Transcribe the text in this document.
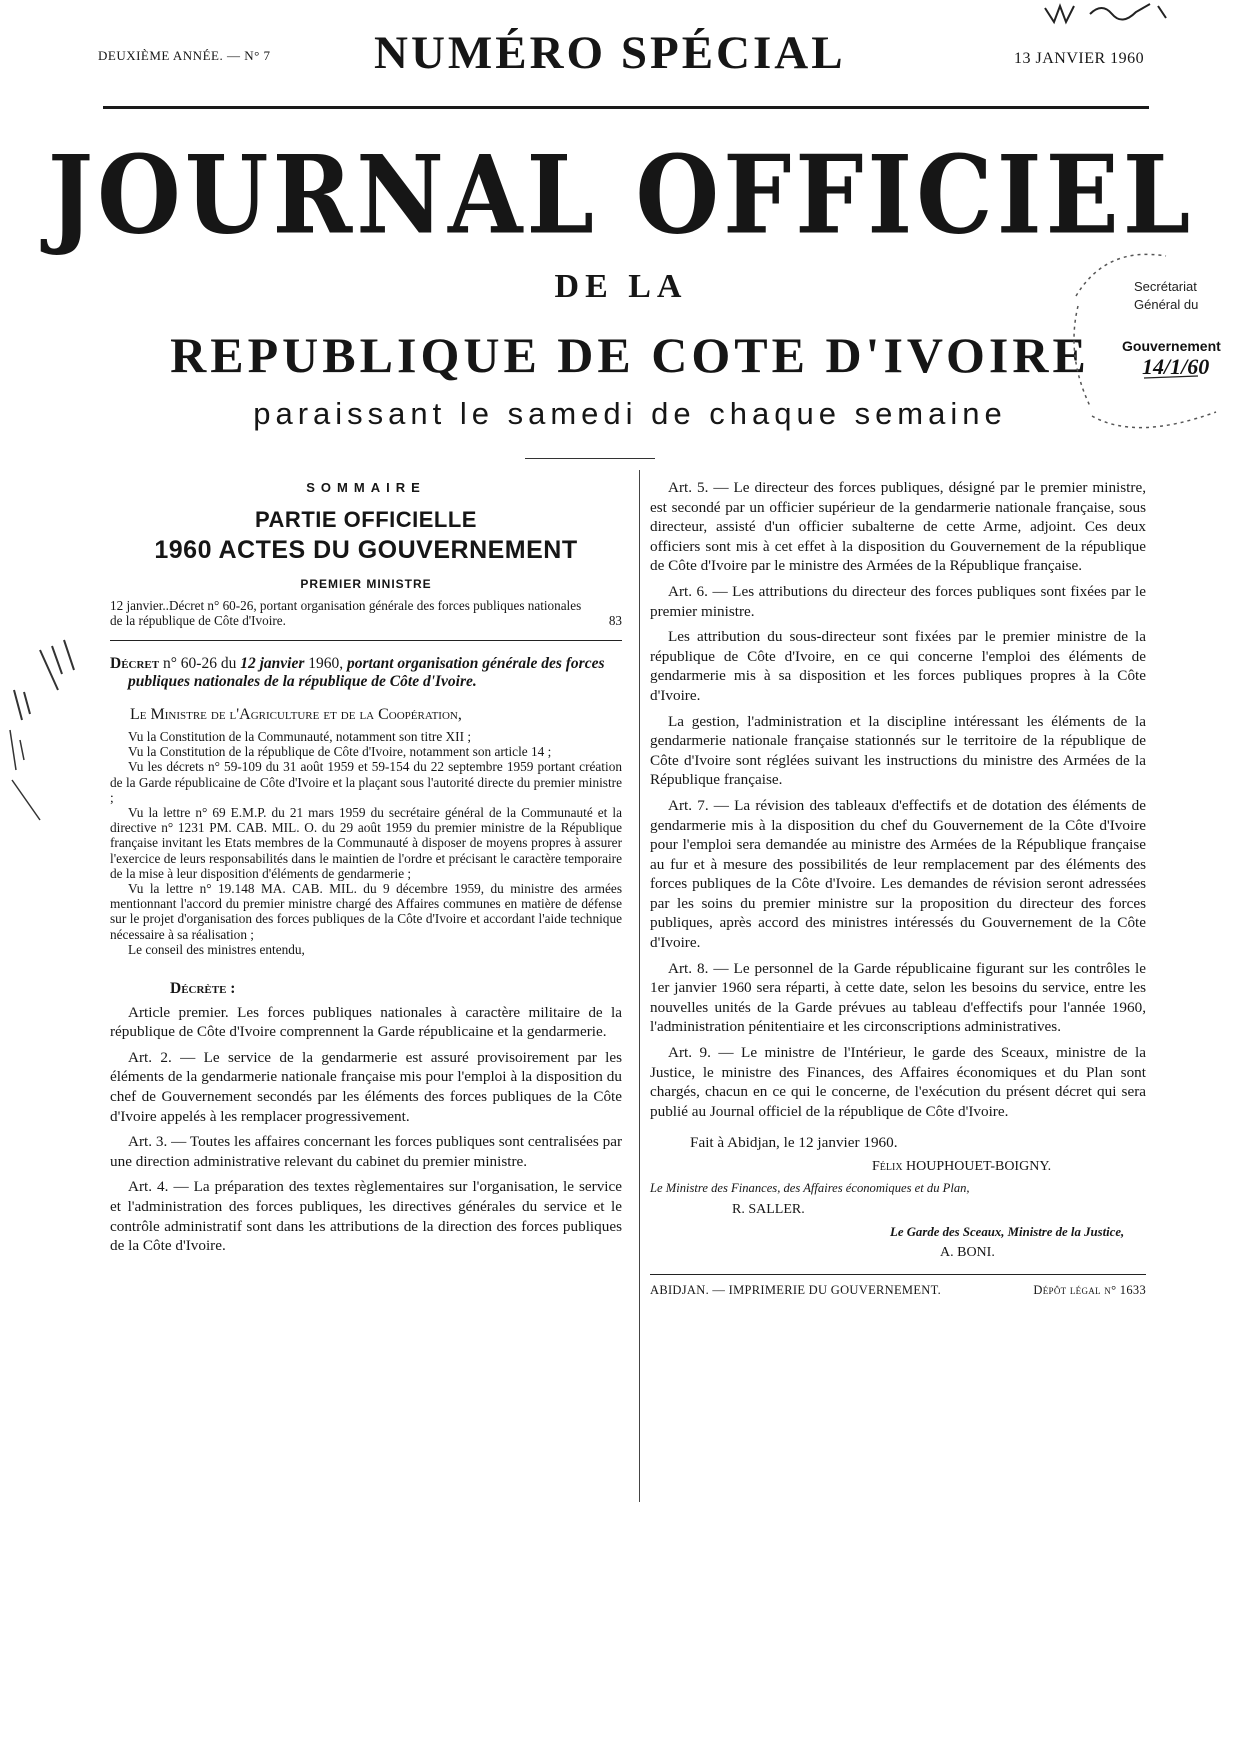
DEUXIÈME ANNÉE. — N° 7 NUMÉRO SPÉCIAL	13 JANVIER 1960
JOURNAL OFFICIEL
DE LA
REPUBLIQUE DE COTE D'IVOIRE
paraissant le samedi de chaque semaine
Secrétariat
Général du
Gouvernement
14/1/60
SOMMAIRE
PARTIE OFFICIELLE
1960 ACTES DU GOUVERNEMENT
PREMIER MINISTRE
12 janvier..Décret n° 60-26, portant organisation générale des forces publiques nationales de la république de Côte d'Ivoire.	83

Décret n° 60-26 du 12 janvier 1960, portant organisation générale des forces publiques nationales de la république de Côte d'Ivoire.

Le Ministre de l'Agriculture et de la Coopération,

Vu la Constitution de la Communauté, notamment son titre XII ;

Vu la Constitution de la république de Côte d'Ivoire, notamment son article 14 ;

Vu les décrets n° 59-109 du 31 août 1959 et 59-154 du 22 septembre 1959 portant création de la Garde républicaine de Côte d'Ivoire et la plaçant sous l'autorité directe du premier ministre ;

Vu la lettre n° 69 E.M.P. du 21 mars 1959 du secrétaire général de la Communauté et la directive n° 1231 PM. CAB. MIL. O. du 29 août 1959 du premier ministre de la République française invitant les Etats membres de la Communauté à disposer de moyens propres à assurer l'exercice de leurs responsabilités dans le maintien de l'ordre et précisant le caractère temporaire de la mise à leur disposition d'éléments de gendarmerie ;

Vu la lettre n° 19.148 MA. CAB. MIL. du 9 décembre 1959, du ministre des armées mentionnant l'accord du premier ministre chargé des Affaires communes en matière de défense sur le projet d'organisation des forces publiques de la Côte d'Ivoire et accordant l'aide technique nécessaire à sa réalisation ;

Le conseil des ministres entendu,

Décrète :

Article premier. Les forces publiques nationales à caractère militaire de la république de Côte d'Ivoire comprennent la Garde républicaine et la gendarmerie.

Art. 2. — Le service de la gendarmerie est assuré provisoirement par les éléments de la gendarmerie nationale française mis pour l'emploi à la disposition du chef de Gouvernement secondés par les éléments des forces publiques de la Côte d'Ivoire appelés à les remplacer progressivement.

Art. 3. — Toutes les affaires concernant les forces publiques sont centralisées par une direction administrative relevant du cabinet du premier ministre.

Art. 4. — La préparation des textes règlementaires sur l'organisation, le service et l'administration des forces publiques, les directives générales du service et le contrôle administratif sont dans les attributions de la direction des forces publiques de la Côte d'Ivoire.

Art. 5. — Le directeur des forces publiques, désigné par le premier ministre, est secondé par un officier supérieur de la gendarmerie nationale française, sous directeur, assisté d'un officier subalterne de cette Arme, adjoint. Ces deux officiers sont mis à cet effet à la disposition du Gouvernement de la république de Côte d'Ivoire par le ministre des Armées de la République française.

Art. 6. — Les attributions du directeur des forces publiques sont fixées par le premier ministre.

Les attribution du sous-directeur sont fixées par le premier ministre de la république de Côte d'Ivoire, en ce qui concerne l'emploi des éléments de gendarmerie mis à sa disposition et les forces publiques propres à la Côte d'Ivoire.

La gestion, l'administration et la discipline intéressant les éléments de la gendarmerie nationale française stationnés sur le territoire de la république de Côte d'Ivoire sont réglées suivant les instructions du ministre des Armées de la République française.

Art. 7. — La révision des tableaux d'effectifs et de dotation des éléments de gendarmerie mis à la disposition du chef du Gouvernement de la Côte d'Ivoire pour l'emploi sera demandée au ministre des Armées de la République française au fur et à mesure des possibilités de leur remplacement par des éléments des forces publiques de la Côte d'Ivoire. Les demandes de révision seront adressées par les soins du premier ministre sur la proposition du directeur des forces publiques, après accord des ministres intéressés du Gouvernement de la Côte d'Ivoire.

Art. 8. — Le personnel de la Garde républicaine figurant sur les contrôles le 1er janvier 1960 sera réparti, à cette date, selon les besoins du service, entre les nouvelles unités de la Garde prévues au tableau d'effectifs pour l'année 1960, l'administration pénitentiaire et les circonscriptions administratives.

Art. 9. — Le ministre de l'Intérieur, le garde des Sceaux, ministre de la Justice, le ministre des Finances, des Affaires économiques et du Plan sont chargés, chacun en ce qui le concerne, de l'exécution du présent décret qui sera publié au Journal officiel de la république de Côte d'Ivoire.

Fait à Abidjan, le 12 janvier 1960.

Félix HOUPHOUET-BOIGNY.

Le Ministre des Finances, des Affaires économiques et du Plan,

R. SALLER.

Le Garde des Sceaux, Ministre de la Justice,

A. BONI.

ABIDJAN. — IMPRIMERIE DU GOUVERNEMENT.	Dépôt légal n° 1633
